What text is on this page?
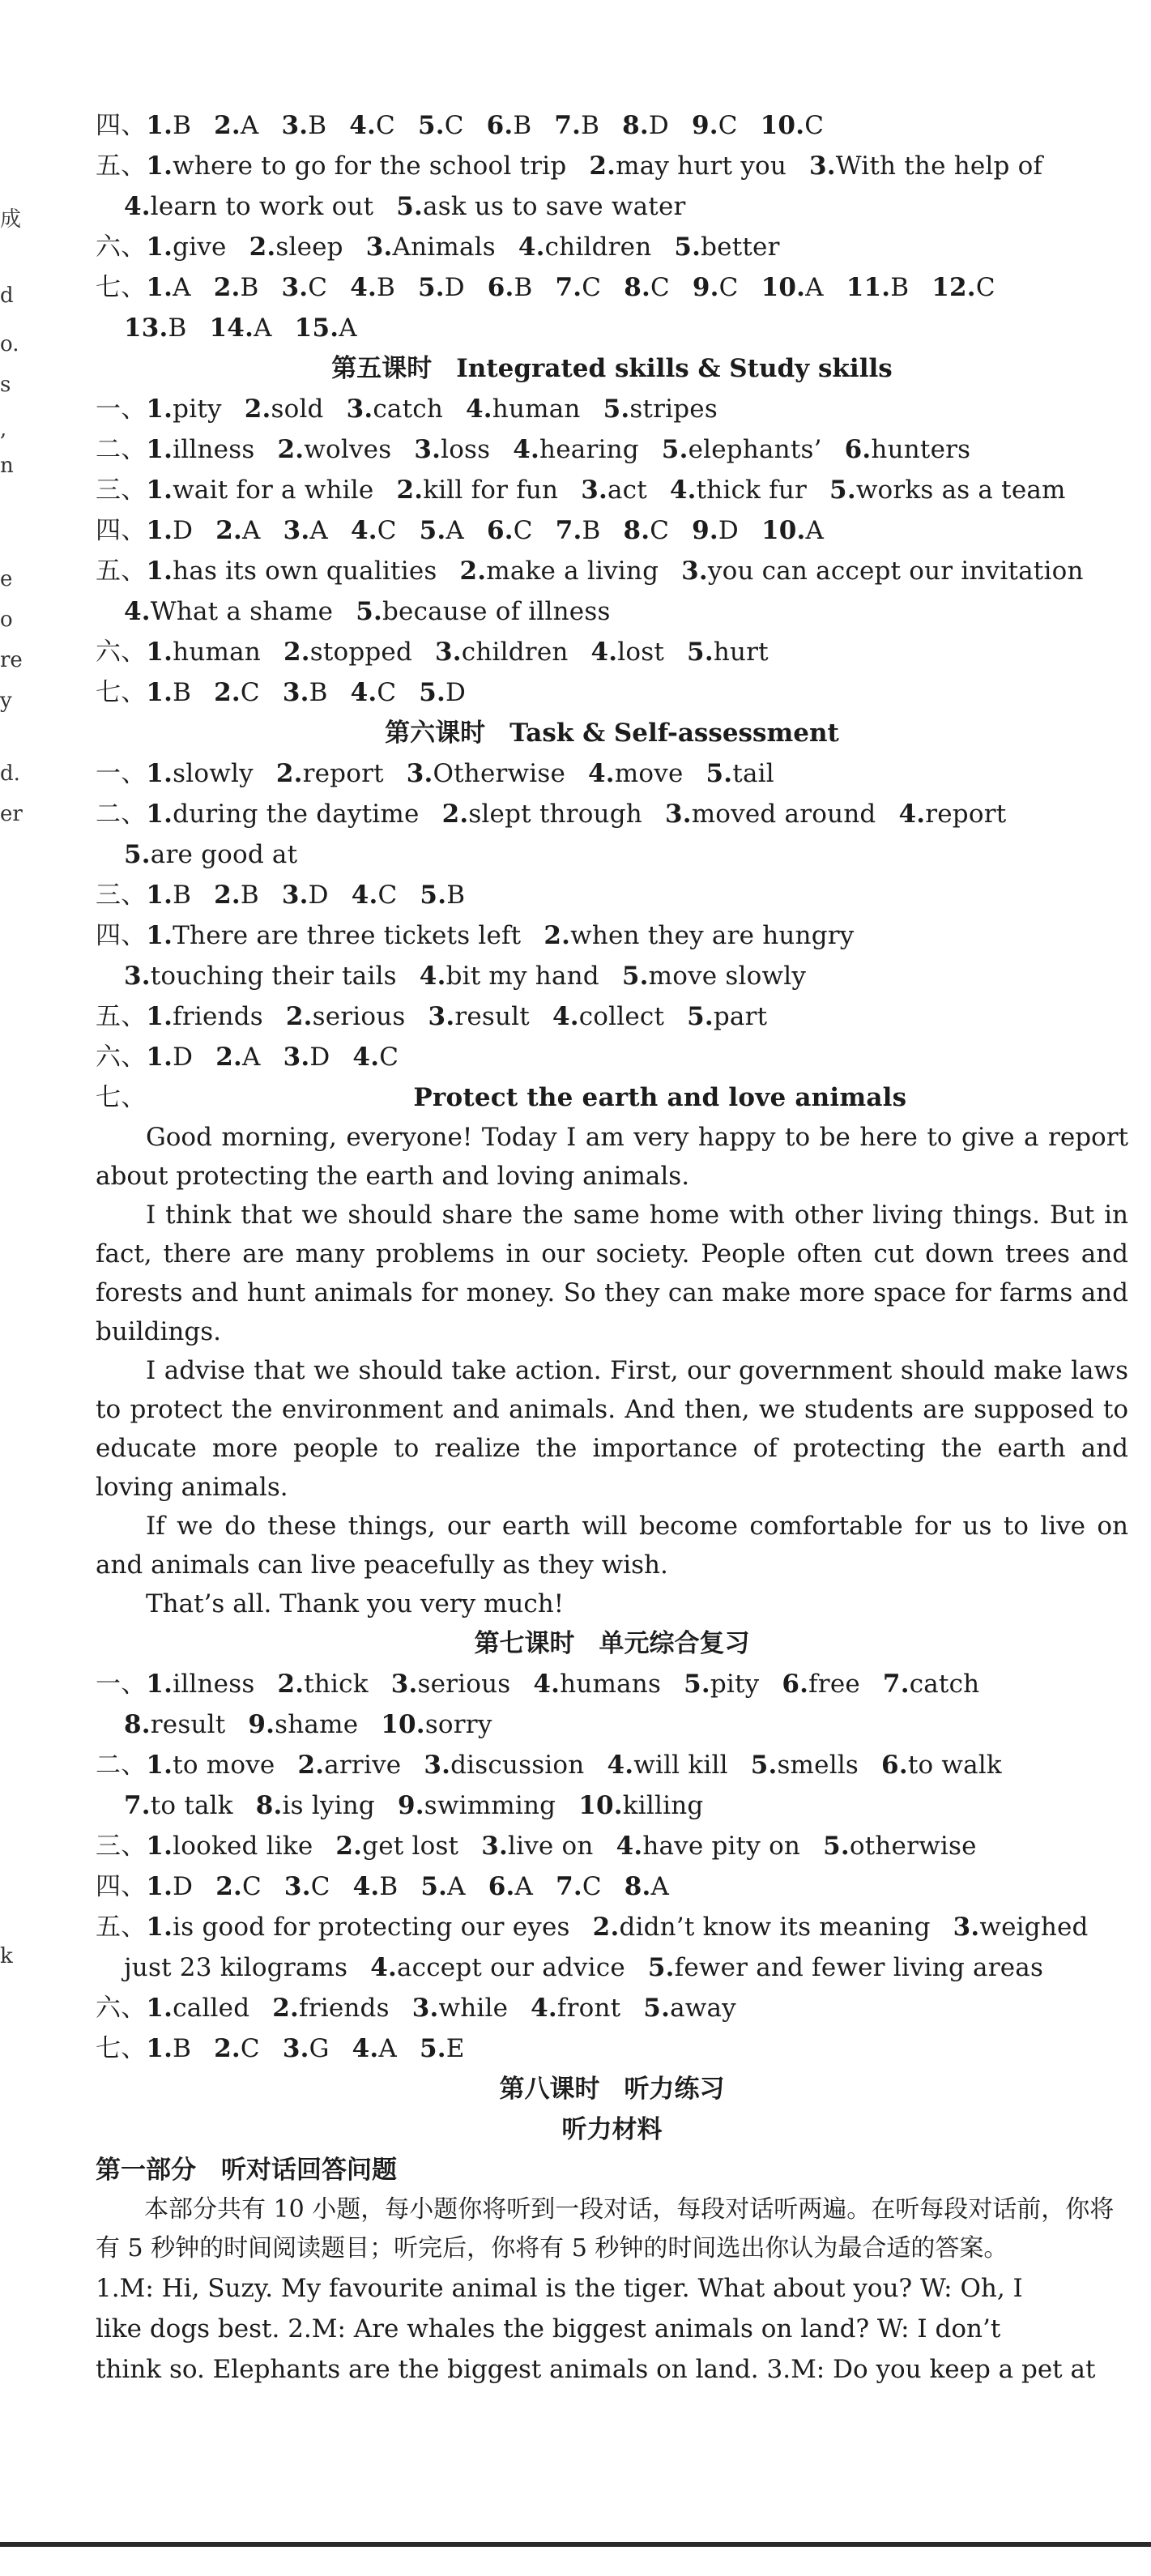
成
d
o.
s
,
n
e
o
re
y
d.
er
k
四、1.B 2.A 3.B 4.C 5.C 6.B 7.B 8.D 9.C 10.C
五、1.where to go for the school trip 2.may hurt you 3.With the help of
4.learn to work out 5.ask us to save water
六、1.give 2.sleep 3.Animals 4.children 5.better
七、1.A 2.B 3.C 4.B 5.D 6.B 7.C 8.C 9.C 10.A 11.B 12.C
13.B 14.A 15.A
第五课时 Integrated skills & Study skills
一、1.pity 2.sold 3.catch 4.human 5.stripes
二、1.illness 2.wolves 3.loss 4.hearing 5.elephants’ 6.hunters
三、1.wait for a while 2.kill for fun 3.act 4.thick fur 5.works as a team
四、1.D 2.A 3.A 4.C 5.A 6.C 7.B 8.C 9.D 10.A
五、1.has its own qualities 2.make a living 3.you can accept our invitation
4.What a shame 5.because of illness
六、1.human 2.stopped 3.children 4.lost 5.hurt
七、1.B 2.C 3.B 4.C 5.D
第六课时 Task & Self-assessment
一、1.slowly 2.report 3.Otherwise 4.move 5.tail
二、1.during the daytime 2.slept through 3.moved around 4.report
5.are good at
三、1.B 2.B 3.D 4.C 5.B
四、1.There are three tickets left 2.when they are hungry
3.touching their tails 4.bit my hand 5.move slowly
五、1.friends 2.serious 3.result 4.collect 5.part
六、1.D 2.A 3.D 4.C
七、	Protect the earth and love animals
Good morning, everyone! Today I am very happy to be here to give a report about protecting the earth and loving animals.
I think that we should share the same home with other living things. But in fact, there are many problems in our society. People often cut down trees and forests and hunt animals for money. So they can make more space for farms and buildings.
I advise that we should take action. First, our government should make laws to protect the environment and animals. And then, we students are supposed to educate more people to realize the importance of protecting the earth and loving animals.
If we do these things, our earth will become comfortable for us to live on and animals can live peacefully as they wish.
That’s all. Thank you very much!
第七课时 单元综合复习
一、1.illness 2.thick 3.serious 4.humans 5.pity 6.free 7.catch
8.result 9.shame 10.sorry
二、1.to move 2.arrive 3.discussion 4.will kill 5.smells 6.to walk
7.to talk 8.is lying 9.swimming 10.killing
三、1.looked like 2.get lost 3.live on 4.have pity on 5.otherwise
四、1.D 2.C 3.C 4.B 5.A 6.A 7.C 8.A
五、1.is good for protecting our eyes 2.didn’t know its meaning 3.weighed
just 23 kilograms 4.accept our advice 5.fewer and fewer living areas
六、1.called 2.friends 3.while 4.front 5.away
七、1.B 2.C 3.G 4.A 5.E
第八课时 听力练习
听力材料
第一部分　听对话回答问题
本部分共有 10 小题，每小题你将听到一段对话，每段对话听两遍。在听每段对话前，你将有 5 秒钟的时间阅读题目；听完后，你将有 5 秒钟的时间选出你认为最合适的答案。
1.M: Hi, Suzy. My favourite animal is the tiger. What about you? W: Oh, I
like dogs best. 2.M: Are whales the biggest animals on land? W: I don’t
think so. Elephants are the biggest animals on land. 3.M: Do you keep a pet at
